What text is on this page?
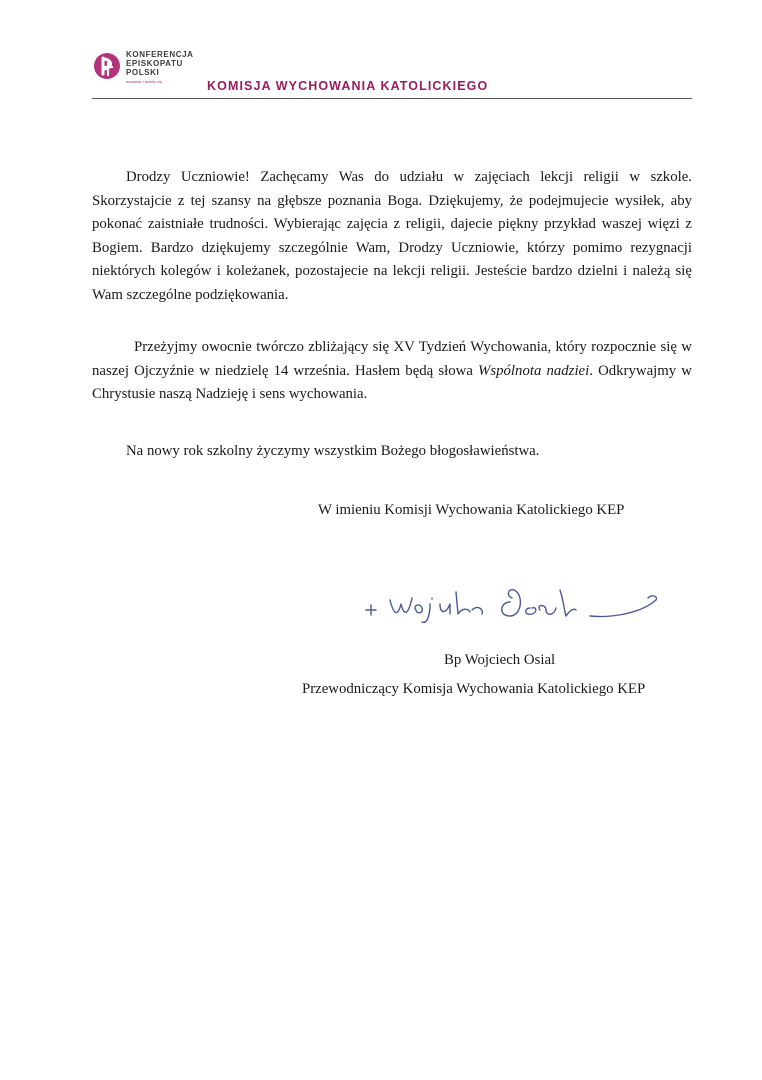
KONFERENCJA
EPISKOPATU
POLSKI
wzrastać i dzielić się	KOMISJA WYCHOWANIA KATOLICKIEGO

Drodzy Uczniowie! Zachęcamy Was do udziału w zajęciach lekcji religii w szkole. Skorzystajcie z tej szansy na głębsze poznania Boga. Dziękujemy, że podejmujecie wysiłek, aby pokonać zaistniałe trudności. Wybierając zajęcia z religii, dajecie piękny przykład waszej więzi z Bogiem. Bardzo dziękujemy szczególnie Wam, Drodzy Uczniowie, którzy pomimo rezygnacji niektórych kolegów i koleżanek, pozostajecie na lekcji religii. Jesteście bardzo dzielni i należą się Wam szczególne podziękowania.

Przeżyjmy owocnie twórczo zbliżający się XV Tydzień Wychowania, który rozpocznie się w naszej Ojczyźnie w niedzielę 14 września. Hasłem będą słowa Wspólnota nadziei. Odkrywajmy w Chrystusie naszą Nadzieję i sens wychowania.

Na nowy rok szkolny życzymy wszystkim Bożego błogosławieństwa.

W imieniu Komisji Wychowania Katolickiego KEP
Bp Wojciech Osial
Przewodniczący Komisja Wychowania Katolickiego KEP
